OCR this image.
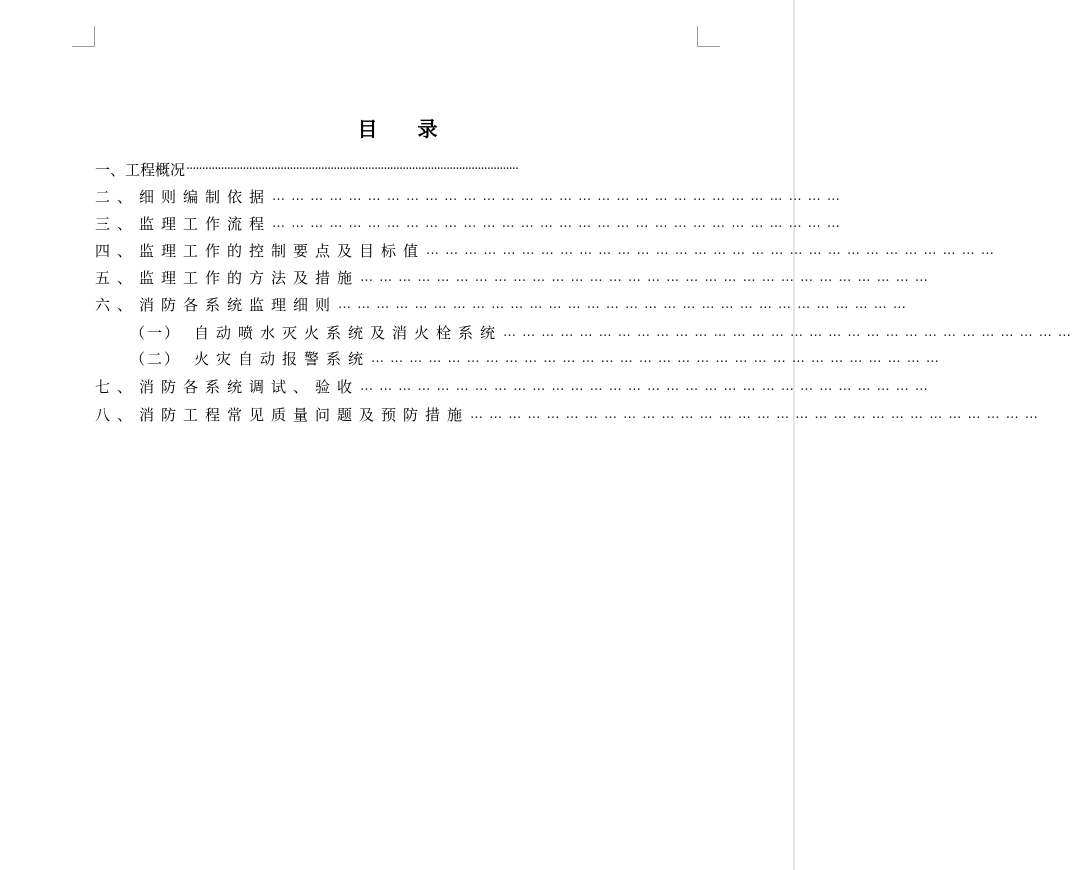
目　　录
一、工程概况 ··········································································································
二、细则编制依据 … … … … … … … … … … … … … … … … … … … … … … … … … … … … … …
三、监理工作流程 … … … … … … … … … … … … … … … … … … … … … … … … … … … … … …
四、监理工作的控制要点及目标值 … … … … … … … … … … … … … … … … … … … … … … … … … … … … … …
五、监理工作的方法及措施 … … … … … … … … … … … … … … … … … … … … … … … … … … … … … …
六、消防各系统监理细则 … … … … … … … … … … … … … … … … … … … … … … … … … … … … … …
（一） 自动喷水灭火系统及消火栓系统 … … … … … … … … … … … … … … … … … … … … … … … … … … … … … …
（二） 火灾自动报警系统 … … … … … … … … … … … … … … … … … … … … … … … … … … … … … …
七、消防各系统调试、验收 … … … … … … … … … … … … … … … … … … … … … … … … … … … … … …
八、消防工程常见质量问题及预防措施 … … … … … … … … … … … … … … … … … … … … … … … … … … … … … …
